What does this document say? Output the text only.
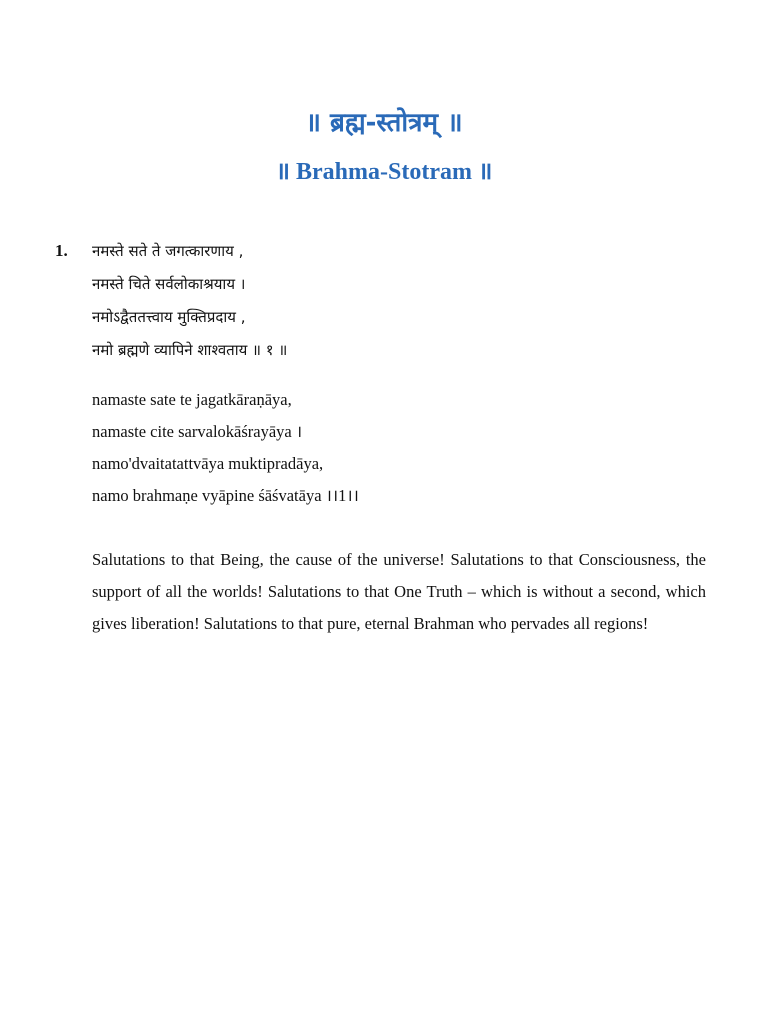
॥ ब्रह्म-स्तोत्रम् ॥
॥ Brahma-Stotram ॥
1. नमस्ते सते ते जगत्कारणाय ,
नमस्ते चिते सर्वलोकाश्रयाय ।
नमोऽद्वैततत्त्वाय मुक्तिप्रदाय ,
नमो ब्रह्मणे व्यापिने शाश्वताय ॥ १ ॥
namaste sate te jagatkāraṇāya,
namaste cite sarvalokāśrayāya ।
namo'dvaitatattvāya muktipradāya,
namo brahmaṇe vyāpine śāśvatāya ।।1।।
Salutations to that Being, the cause of the universe! Salutations to that Consciousness, the support of all the worlds! Salutations to that One Truth – which is without a second, which gives liberation! Salutations to that pure, eternal Brahman who pervades all regions!
